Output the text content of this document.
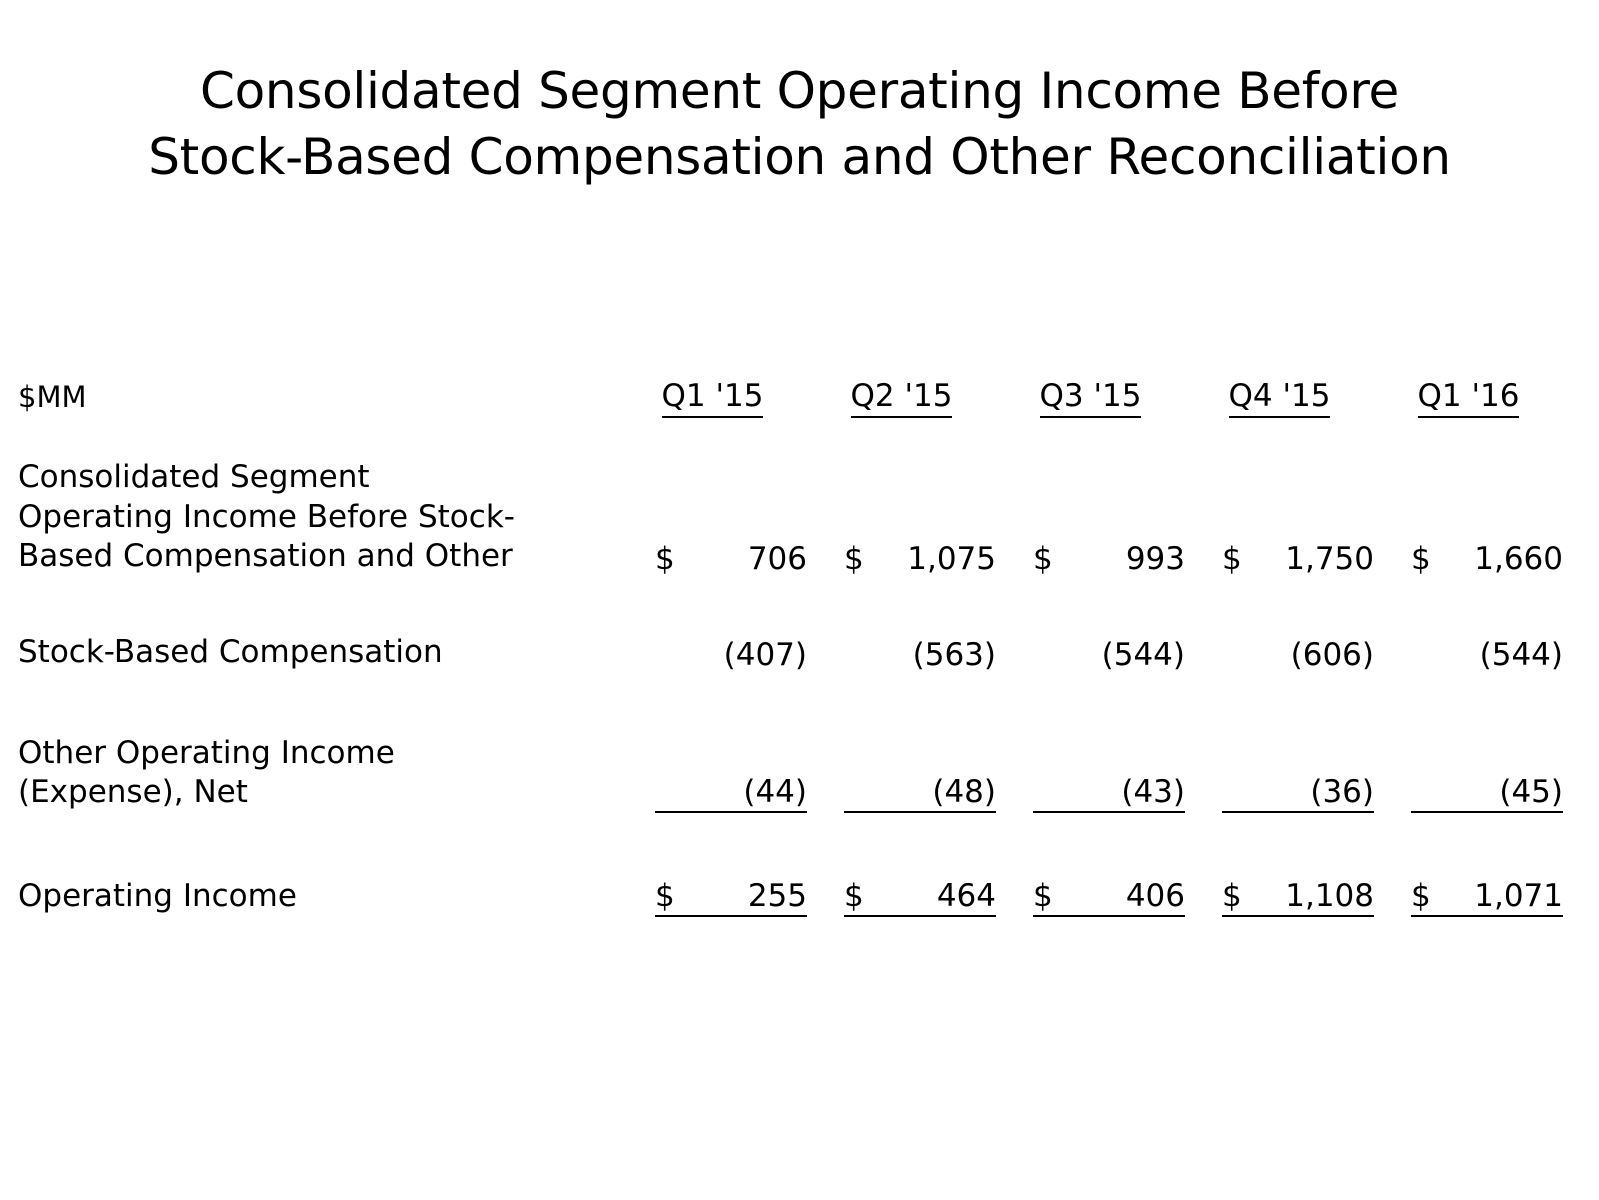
Consolidated Segment Operating Income Before
Stock-Based Compensation and Other Reconciliation
$MM	Q1 '15	Q2 '15	Q3 '15	Q4 '15	Q1 '16

Consolidated Segment
Operating Income Before Stock-
Based Compensation and Other	$ 706	$ 1,075	$ 993	$ 1,750	$ 1,660

Stock-Based Compensation	(407)	(563)	(544)	(606)	(544)

Other Operating Income
(Expense), Net	(44)	(48)	(43)	(36)	(45)

Operating Income	$ 255	$ 464	$ 406	$ 1,108	$ 1,071
